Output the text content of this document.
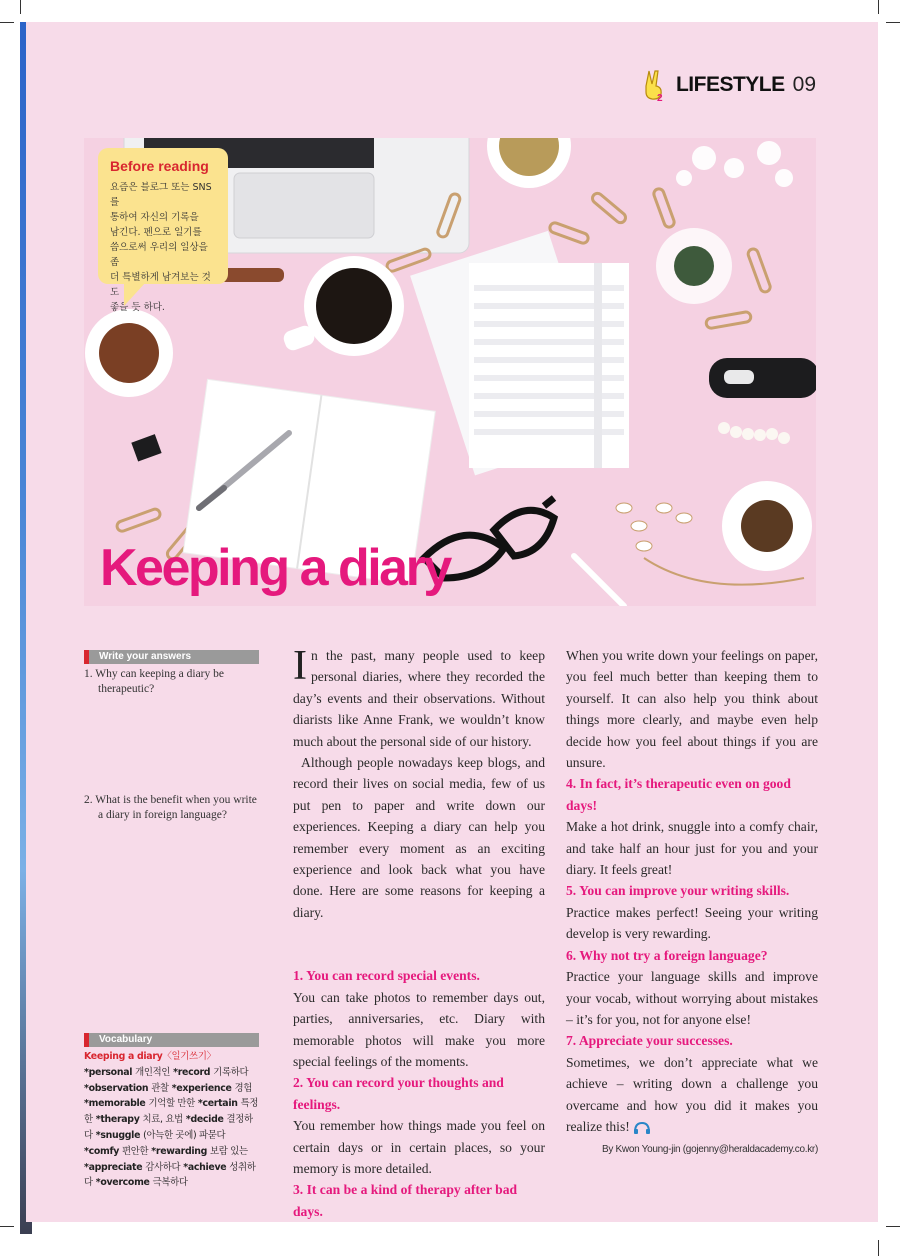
2
LIFESTYLE 09
Before reading
요즘은 블로그 또는 SNS를
통하여 자신의 기록을
남긴다. 펜으로 일기를
씀으로써 우리의 일상을 좀
더 특별하게 남겨보는 것도
좋을 듯 하다.
Keeping a diary
Write your answers
1. Why can keeping a diary be therapeutic?
2. What is the benefit when you write a diary in foreign language?
Vocabulary
Keeping a diary〈일기쓰기〉 *personal 개인적인 *record 기록하다 *observation 관찰 *experience 경험 *memorable 기억할 만한 *certain 특정한 *therapy 치료, 요법 *decide 결정하다 *snuggle (아늑한 곳에) 파묻다 *comfy 편안한 *rewarding 보람 있는 *appreciate 감사하다 *achieve 성취하다 *overcome 극복하다

In the past, many people used to keep personal diaries, where they recorded the day’s events and their observations. Without diarists like Anne Frank, we wouldn’t know much about the personal side of our history.

Although people nowadays keep blogs, and record their lives on social media, few of us put pen to paper and write down our experiences. Keeping a diary can help you remember every moment as an exciting experience and look back what you have done. Here are some reasons for keeping a diary.

1. You can record special events.

You can take photos to remember days out, parties, anniversaries, etc. Diary with memorable photos will make you more special feelings of the moments.

2. You can record your thoughts and feelings.

You remember how things made you feel on certain days or in certain places, so your memory is more detailed.

3. It can be a kind of therapy after bad days.

When you write down your feelings on paper, you feel much better than keeping them to yourself. It can also help you think about things more clearly, and maybe even help decide how you feel about things if you are unsure.

4. In fact, it’s therapeutic even on good days!

Make a hot drink, snuggle into a comfy chair, and take half an hour just for you and your diary. It feels great!

5. You can improve your writing skills.

Practice makes perfect! Seeing your writing develop is very rewarding.

6. Why not try a foreign language?

Practice your language skills and improve your vocab, without worrying about mistakes – it’s for you, not for anyone else!

7. Appreciate your successes.

Sometimes, we don’t appreciate what we achieve – writing down a challenge you overcame and how you did it makes you realize this!

By Kwon Young-jin (gojenny@heraldacademy.co.kr)
